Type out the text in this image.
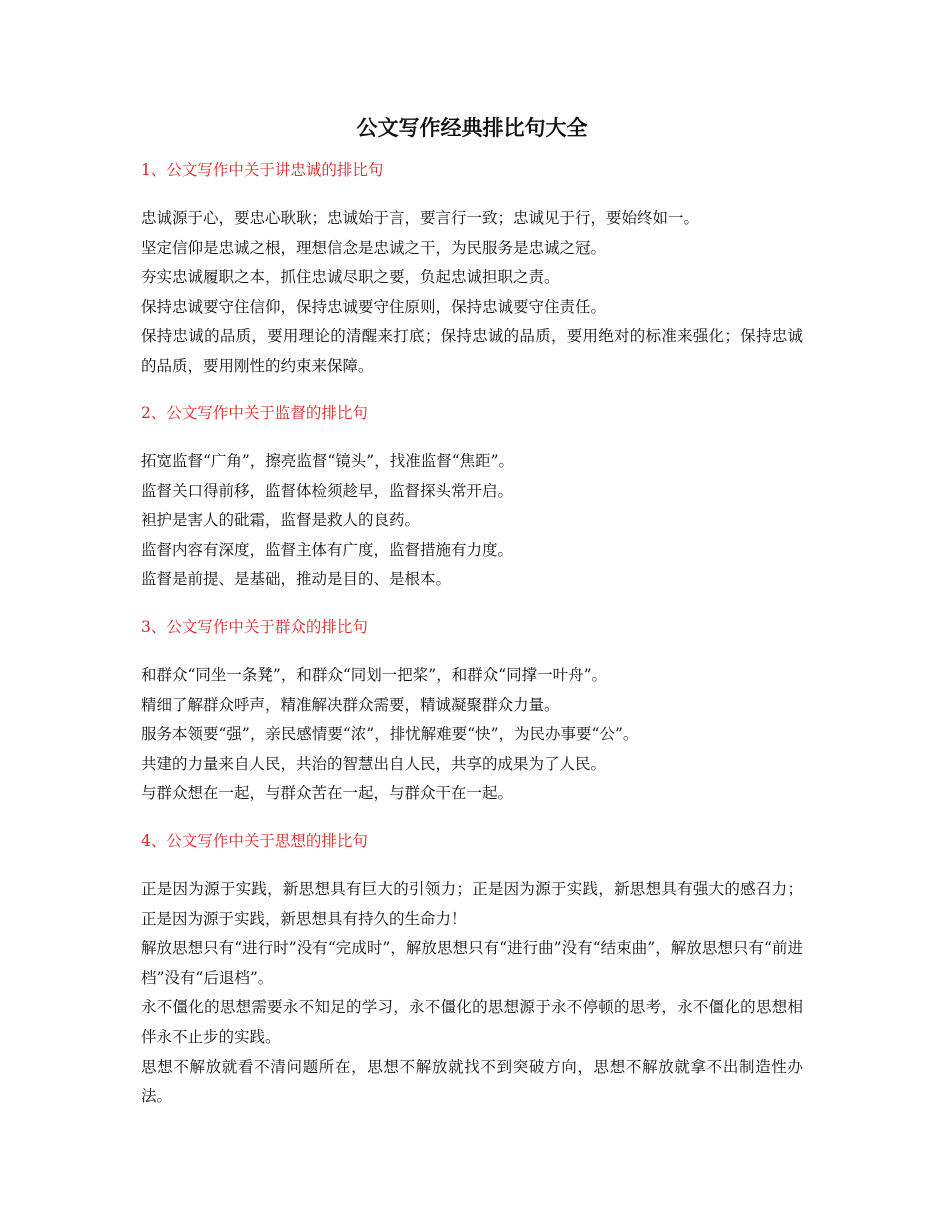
公文写作经典排比句大全

1、公文写作中关于讲忠诚的排比句

忠诚源于心，要忠心耿耿；忠诚始于言，要言行一致；忠诚见于行，要始终如一。

坚定信仰是忠诚之根，理想信念是忠诚之干，为民服务是忠诚之冠。

夯实忠诚履职之本，抓住忠诚尽职之要，负起忠诚担职之责。

保持忠诚要守住信仰，保持忠诚要守住原则，保持忠诚要守住责任。

保持忠诚的品质，要用理论的清醒来打底；保持忠诚的品质，要用绝对的标准来强化；保持忠诚的品质，要用刚性的约束来保障。

2、公文写作中关于监督的排比句

拓宽监督“广角”，擦亮监督“镜头”，找准监督“焦距”。

监督关口得前移，监督体检须趁早，监督探头常开启。

袒护是害人的砒霜，监督是救人的良药。

监督内容有深度，监督主体有广度，监督措施有力度。

监督是前提、是基础，推动是目的、是根本。

3、公文写作中关于群众的排比句

和群众“同坐一条凳”，和群众“同划一把桨”，和群众“同撑一叶舟”。

精细了解群众呼声，精准解决群众需要，精诚凝聚群众力量。

服务本领要“强”，亲民感情要“浓”，排忧解难要“快”，为民办事要“公”。

共建的力量来自人民，共治的智慧出自人民，共享的成果为了人民。

与群众想在一起，与群众苦在一起，与群众干在一起。

4、公文写作中关于思想的排比句

正是因为源于实践，新思想具有巨大的引领力；正是因为源于实践，新思想具有强大的感召力；正是因为源于实践，新思想具有持久的生命力！

解放思想只有“进行时”没有“完成时”，解放思想只有“进行曲”没有“结束曲”，解放思想只有“前进档”没有“后退档”。

永不僵化的思想需要永不知足的学习，永不僵化的思想源于永不停顿的思考，永不僵化的思想相伴永不止步的实践。

思想不解放就看不清问题所在，思想不解放就找不到突破方向，思想不解放就拿不出制造性办法。
